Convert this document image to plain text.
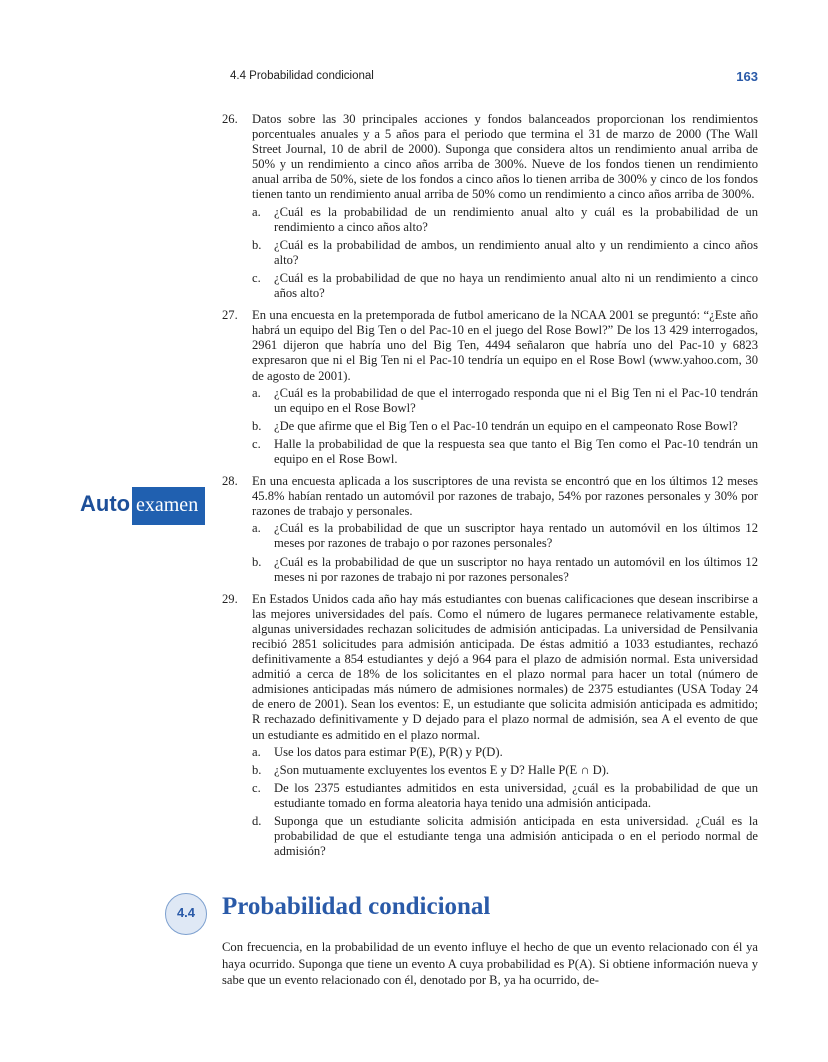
4.4 Probabilidad condicional	163
Auto examen
26. Datos sobre las 30 principales acciones y fondos balanceados proporcionan los rendimientos porcentuales anuales y a 5 años para el periodo que termina el 31 de marzo de 2000 (The Wall Street Journal, 10 de abril de 2000). Suponga que considera altos un rendimiento anual arriba de 50% y un rendimiento a cinco años arriba de 300%. Nueve de los fondos tienen un rendimiento anual arriba de 50%, siete de los fondos a cinco años lo tienen arriba de 300% y cinco de los fondos tienen tanto un rendimiento anual arriba de 50% como un rendimiento a cinco años arriba de 300%.
a. ¿Cuál es la probabilidad de un rendimiento anual alto y cuál es la probabilidad de un rendimiento a cinco años alto?
b. ¿Cuál es la probabilidad de ambos, un rendimiento anual alto y un rendimiento a cinco años alto?
c. ¿Cuál es la probabilidad de que no haya un rendimiento anual alto ni un rendimiento a cinco años alto?
27. En una encuesta en la pretemporada de futbol americano de la NCAA 2001 se preguntó: “¿Este año habrá un equipo del Big Ten o del Pac-10 en el juego del Rose Bowl?” De los 13 429 interrogados, 2961 dijeron que habría uno del Big Ten, 4494 señalaron que habría uno del Pac-10 y 6823 expresaron que ni el Big Ten ni el Pac-10 tendría un equipo en el Rose Bowl (www.yahoo.com, 30 de agosto de 2001).
a. ¿Cuál es la probabilidad de que el interrogado responda que ni el Big Ten ni el Pac-10 tendrán un equipo en el Rose Bowl?
b. ¿De que afirme que el Big Ten o el Pac-10 tendrán un equipo en el campeonato Rose Bowl?
c. Halle la probabilidad de que la respuesta sea que tanto el Big Ten como el Pac-10 tendrán un equipo en el Rose Bowl.
28. En una encuesta aplicada a los suscriptores de una revista se encontró que en los últimos 12 meses 45.8% habían rentado un automóvil por razones de trabajo, 54% por razones personales y 30% por razones de trabajo y personales.
a. ¿Cuál es la probabilidad de que un suscriptor haya rentado un automóvil en los últimos 12 meses por razones de trabajo o por razones personales?
b. ¿Cuál es la probabilidad de que un suscriptor no haya rentado un automóvil en los últimos 12 meses ni por razones de trabajo ni por razones personales?
29. En Estados Unidos cada año hay más estudiantes con buenas calificaciones que desean inscribirse a las mejores universidades del país. Como el número de lugares permanece relativamente estable, algunas universidades rechazan solicitudes de admisión anticipadas. La universidad de Pensilvania recibió 2851 solicitudes para admisión anticipada. De éstas admitió a 1033 estudiantes, rechazó definitivamente a 854 estudiantes y dejó a 964 para el plazo de admisión normal. Esta universidad admitió a cerca de 18% de los solicitantes en el plazo normal para hacer un total (número de admisiones anticipadas más número de admisiones normales) de 2375 estudiantes (USA Today 24 de enero de 2001). Sean los eventos: E, un estudiante que solicita admisión anticipada es admitido; R rechazado definitivamente y D dejado para el plazo normal de admisión, sea A el evento de que un estudiante es admitido en el plazo normal.
a. Use los datos para estimar P(E), P(R) y P(D).
b. ¿Son mutuamente excluyentes los eventos E y D? Halle P(E ∩ D).
c. De los 2375 estudiantes admitidos en esta universidad, ¿cuál es la probabilidad de que un estudiante tomado en forma aleatoria haya tenido una admisión anticipada.
d. Suponga que un estudiante solicita admisión anticipada en esta universidad. ¿Cuál es la probabilidad de que el estudiante tenga una admisión anticipada o en el periodo normal de admisión?
4.4	Probabilidad condicional

Con frecuencia, en la probabilidad de un evento influye el hecho de que un evento relacionado con él ya haya ocurrido. Suponga que tiene un evento A cuya probabilidad es P(A). Si obtiene información nueva y sabe que un evento relacionado con él, denotado por B, ya ha ocurrido, de-
